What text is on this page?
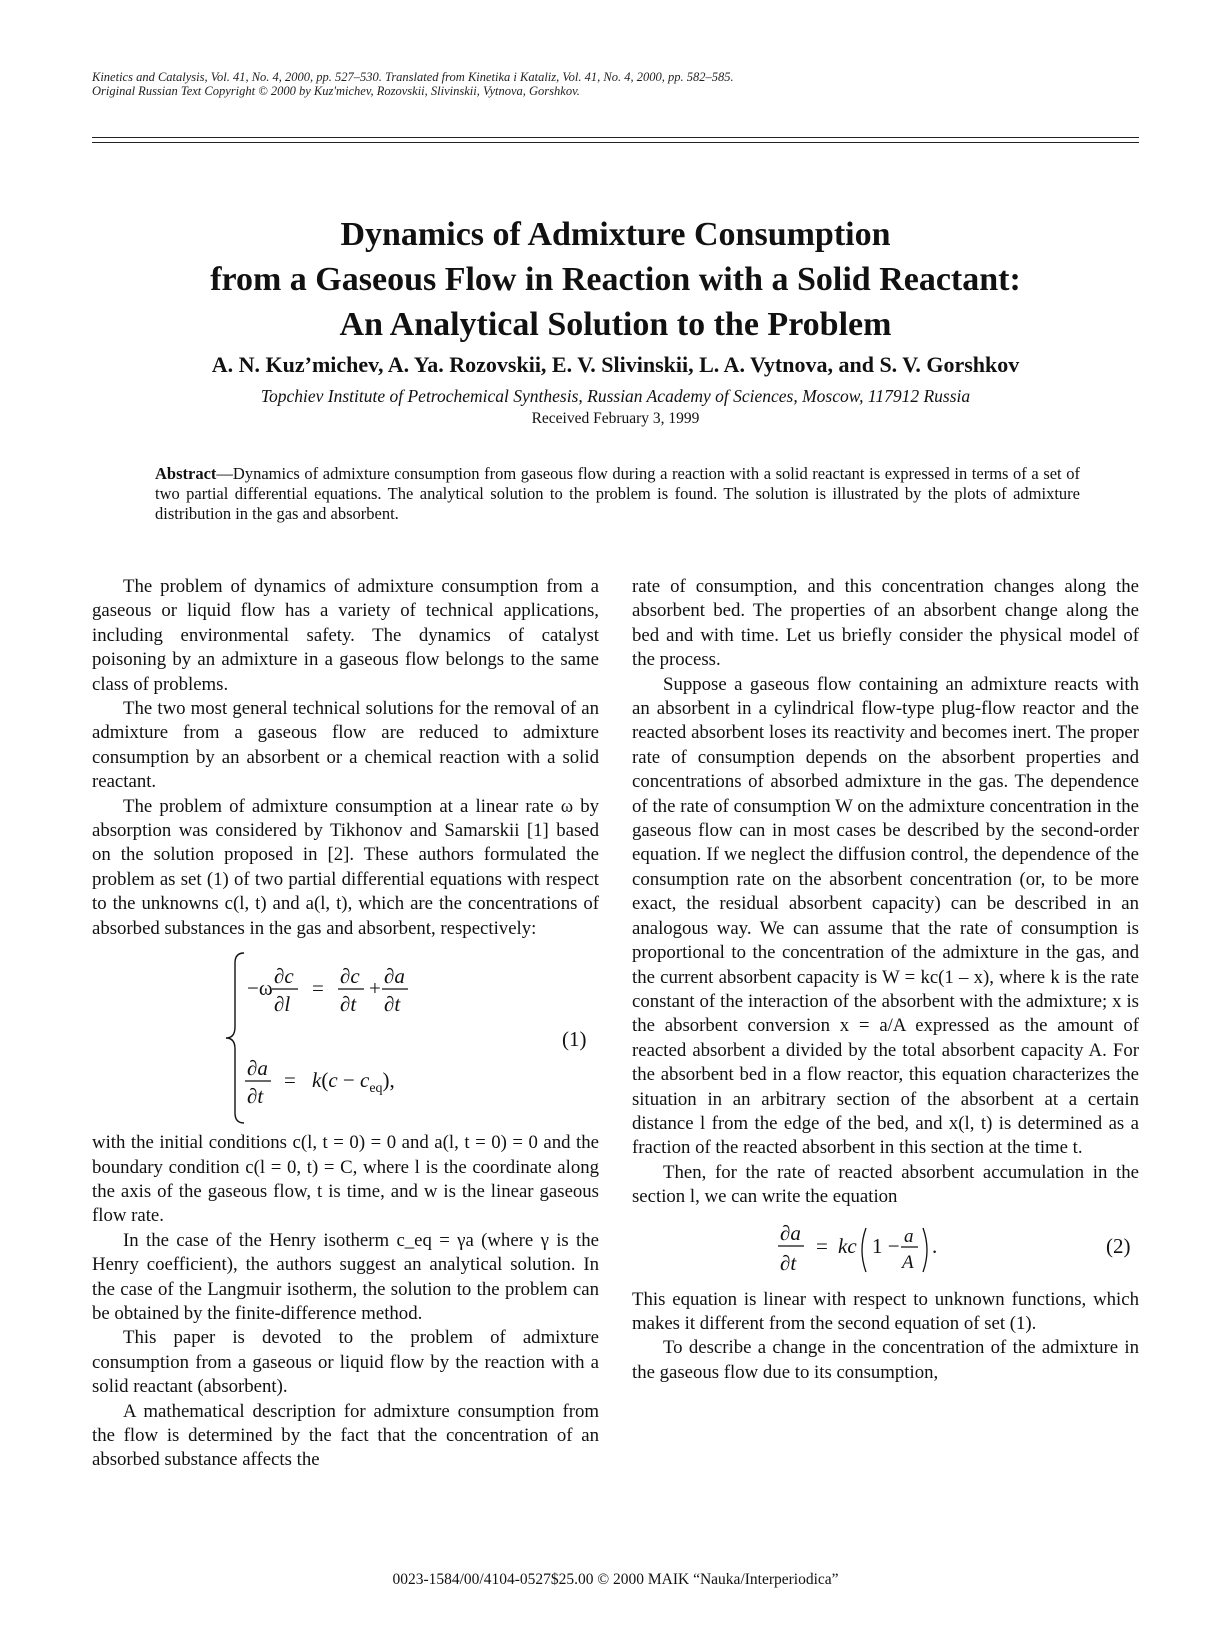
Kinetics and Catalysis, Vol. 41, No. 4, 2000, pp. 527–530. Translated from Kinetika i Kataliz, Vol. 41, No. 4, 2000, pp. 582–585.
Original Russian Text Copyright © 2000 by Kuz'michev, Rozovskii, Slivinskii, Vytnova, Gorshkov.
Dynamics of Admixture Consumption
from a Gaseous Flow in Reaction with a Solid Reactant:
An Analytical Solution to the Problem
A. N. Kuz’michev, A. Ya. Rozovskii, E. V. Slivinskii, L. A. Vytnova, and S. V. Gorshkov
Topchiev Institute of Petrochemical Synthesis, Russian Academy of Sciences, Moscow, 117912 Russia
Received February 3, 1999
Abstract—Dynamics of admixture consumption from gaseous flow during a reaction with a solid reactant is expressed in terms of a set of two partial differential equations. The analytical solution to the problem is found. The solution is illustrated by the plots of admixture distribution in the gas and absorbent.

The problem of dynamics of admixture consumption from a gaseous or liquid flow has a variety of technical applications, including environmental safety. The dynamics of catalyst poisoning by an admixture in a gaseous flow belongs to the same class of problems.

The two most general technical solutions for the removal of an admixture from a gaseous flow are reduced to admixture consumption by an absorbent or a chemical reaction with a solid reactant.

The problem of admixture consumption at a linear rate ω by absorption was considered by Tikhonov and Samarskii [1] based on the solution proposed in [2]. These authors formulated the problem as set (1) of two partial differential equations with respect to the unknowns c(l, t) and a(l, t), which are the concentrations of absorbed substances in the gas and absorbent, respectively:

−ω ∂c
∂l
= ∂c
∂t
+ ∂a
∂t
∂a
∂t
= $k(c - c_{eq})$,
(1)

with the initial conditions c(l, t = 0) = 0 and a(l, t = 0) = 0 and the boundary condition c(l = 0, t) = C, where l is the coordinate along the axis of the gaseous flow, t is time, and w is the linear gaseous flow rate.

In the case of the Henry isotherm c_eq = γa (where γ is the Henry coefficient), the authors suggest an analytical solution. In the case of the Langmuir isotherm, the solution to the problem can be obtained by the finite-difference method.

This paper is devoted to the problem of admixture consumption from a gaseous or liquid flow by the reaction with a solid reactant (absorbent).

A mathematical description for admixture consumption from the flow is determined by the fact that the concentration of an absorbed substance affects the

rate of consumption, and this concentration changes along the absorbent bed. The properties of an absorbent change along the bed and with time. Let us briefly consider the physical model of the process.

Suppose a gaseous flow containing an admixture reacts with an absorbent in a cylindrical flow-type plug-flow reactor and the reacted absorbent loses its reactivity and becomes inert. The proper rate of consumption depends on the absorbent properties and concentrations of absorbed admixture in the gas. The dependence of the rate of consumption W on the admixture concentration in the gaseous flow can in most cases be described by the second-order equation. If we neglect the diffusion control, the dependence of the consumption rate on the absorbent concentration (or, to be more exact, the residual absorbent capacity) can be described in an analogous way. We can assume that the rate of consumption is proportional to the concentration of the admixture in the gas, and the current absorbent capacity is W = kc(1 – x), where k is the rate constant of the interaction of the absorbent with the admixture; x is the absorbent conversion x = a/A expressed as the amount of reacted absorbent a divided by the total absorbent capacity A. For the absorbent bed in a flow reactor, this equation characterizes the situation in an arbitrary section of the absorbent at a certain distance l from the edge of the bed, and x(l, t) is determined as a fraction of the reacted absorbent in this section at the time t.

Then, for the rate of reacted absorbent accumulation in the section l, we can write the equation

∂a
∂t
= kc 1 − a
A
.	(2)

This equation is linear with respect to unknown functions, which makes it different from the second equation of set (1).

To describe a change in the concentration of the admixture in the gaseous flow due to its consumption,

0023-1584/00/4104-0527$25.00 © 2000 MAIK “Nauka/Interperiodica”
